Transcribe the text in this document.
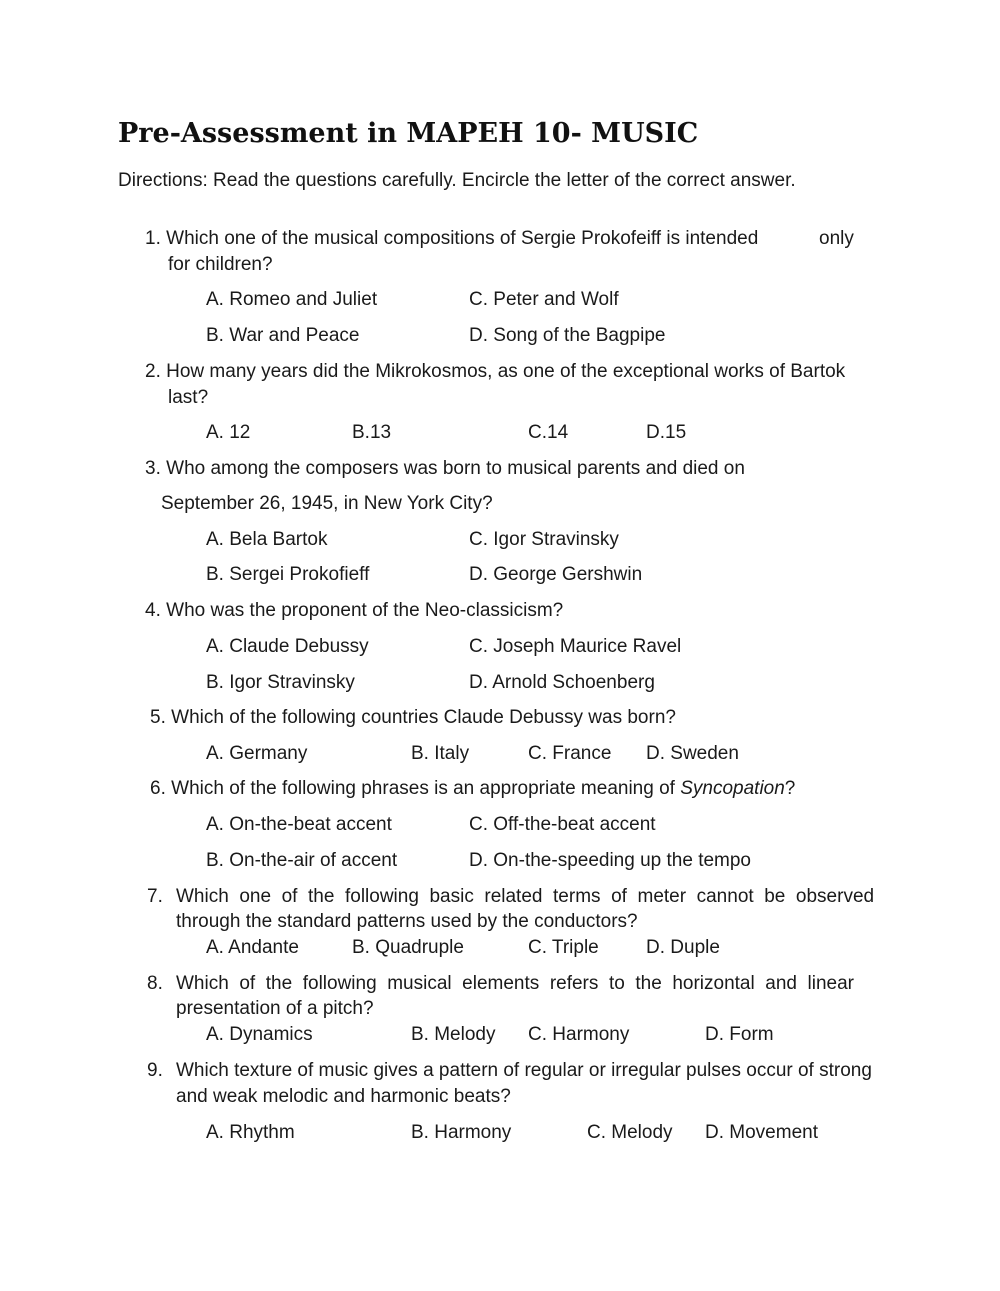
Pre-Assessment in MAPEH 10- MUSIC
Directions: Read the questions carefully. Encircle the letter of the correct answer.
1. Which one of the musical compositions of Sergie Prokofeiff is intended	only
for children?
A. Romeo and Juliet	C. Peter and Wolf
B. War and Peace	D. Song of the Bagpipe
2. How many years did the Mikrokosmos, as one of the exceptional works of Bartok
last?
A. 12	B.13	C.14	D.15
3. Who among the composers was born to musical parents and died on
September 26, 1945, in New York City?
A. Bela Bartok	C. Igor Stravinsky
B. Sergei Prokofieff	D. George Gershwin
4. Who was the proponent of the Neo-classicism?
A. Claude Debussy	C. Joseph Maurice Ravel
B. Igor Stravinsky	D. Arnold Schoenberg
5. Which of the following countries Claude Debussy was born?
A. Germany	B. Italy	C. France D. Sweden
6. Which of the following phrases is an appropriate meaning of Syncopation?
A. On-the-beat accent	C. Off-the-beat accent
B. On-the-air of accent	D. On-the-speeding up the tempo
7. Which  one  of  the  following  basic  related  terms  of  meter  cannot  be  observed
through the standard patterns used by the conductors?
A. Andante	B. Quadruple	C. Triple D. Duple
8. Which  of  the  following  musical  elements  refers  to  the  horizontal  and  linear
presentation of a pitch?
A. Dynamics	B. Melody C. Harmony	D. Form
9. Which texture of music gives a pattern of regular or irregular pulses occur of strong
and weak melodic and harmonic beats?
A. Rhythm	B. Harmony	C. Melody D. Movement
